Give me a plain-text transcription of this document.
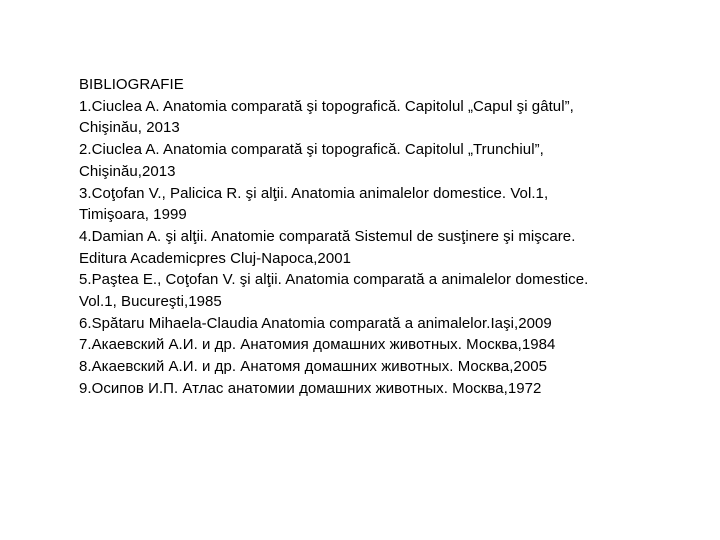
BIBLIOGRAFIE
1.Ciuclea A. Anatomia comparată şi topografică. Capitolul „Capul şi gâtul”,
Chişinău, 2013
2.Ciuclea A. Anatomia comparată şi topografică. Capitolul „Trunchiul”,
Chişinău,2013
3.Coţofan V., Palicica R. şi alţii. Anatomia animalelor domestice. Vol.1,
Timişoara, 1999
4.Damian A. şi alţii. Anatomie comparată Sistemul de susţinere şi mişcare.
Editura Academicpres Cluj-Napoca,2001
5.Paştea E., Coţofan V. şi alţii. Anatomia comparată a animalelor domestice.
Vol.1, Bucureşti,1985
6.Spătaru Mihaela-Claudia Anatomia comparată a animalelor.Iaşi,2009
7.Акаевский А.И. и др. Анатомия домашних животных. Москва,1984
8.Акаевский А.И. и др. Анатомя домашних животных. Москва,2005
9.Осипов И.П. Атлас анатомии домашних животных. Москва,1972
